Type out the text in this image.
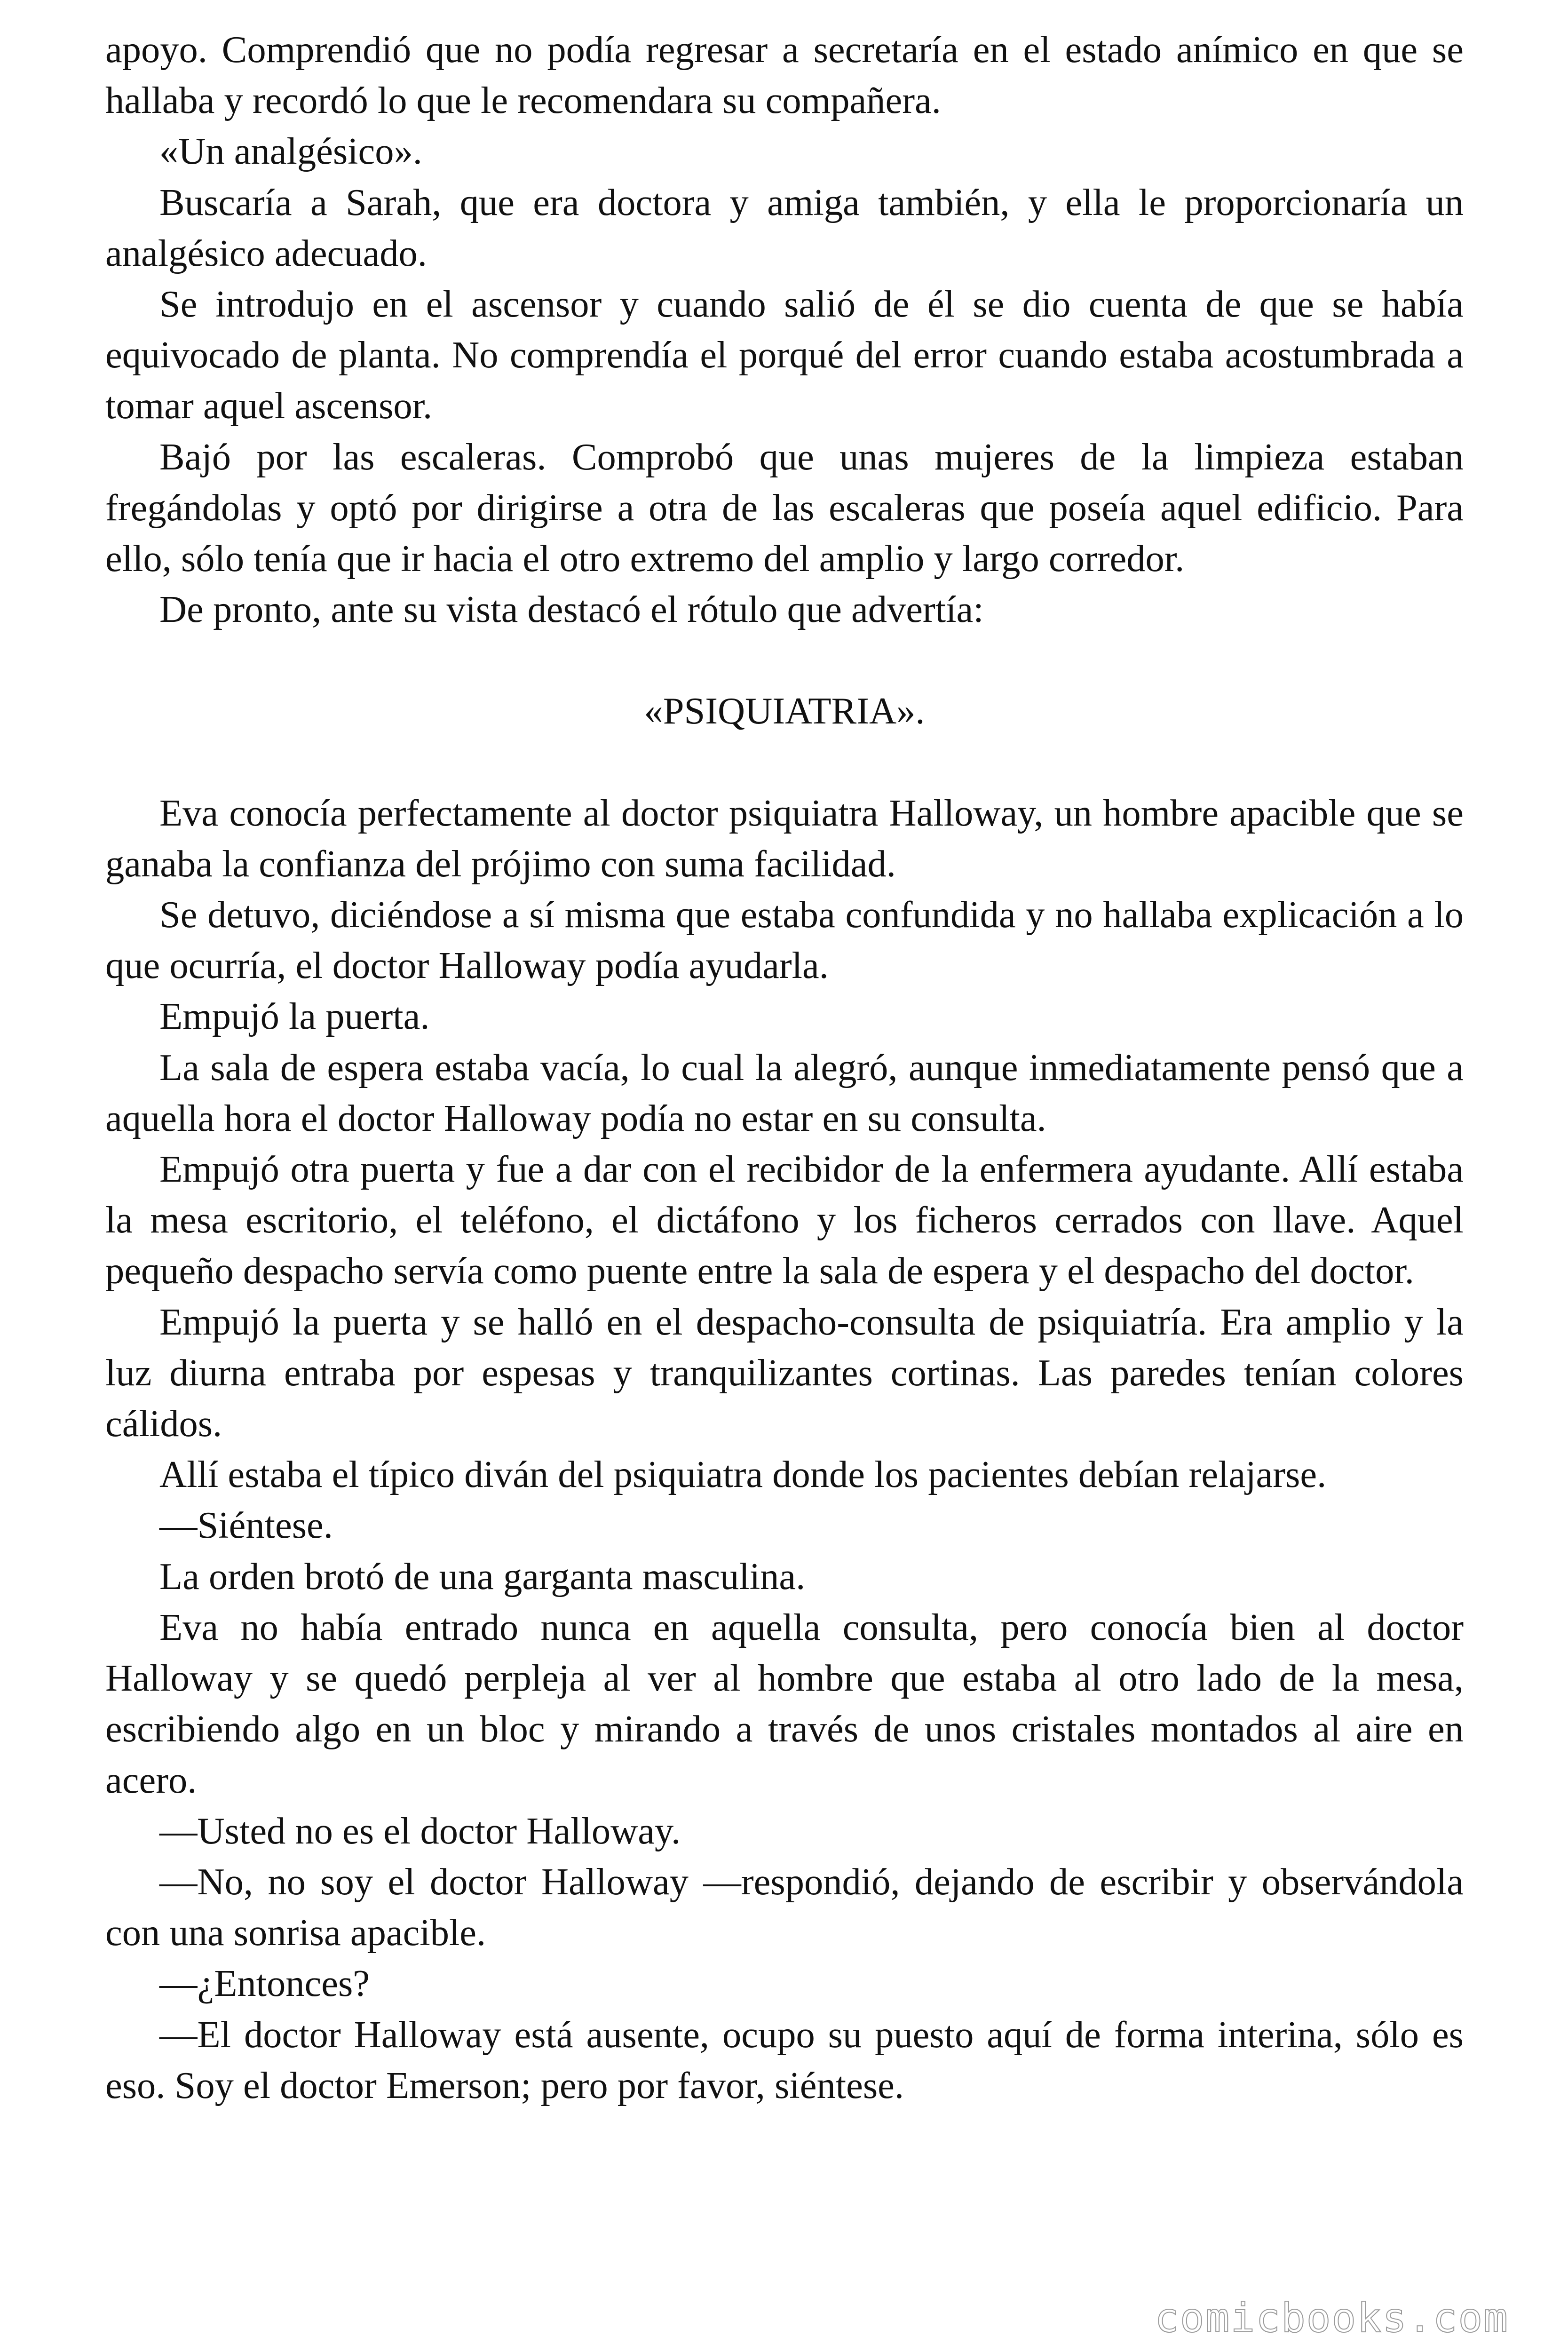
apoyo. Comprendió que no podía regresar a secretaría en el estado anímico en que se hallaba y recordó lo que le recomendara su compañera.

«Un analgésico».

Buscaría a Sarah, que era doctora y amiga también, y ella le proporcionaría un analgésico adecuado.

Se introdujo en el ascensor y cuando salió de él se dio cuenta de que se había equivocado de planta. No comprendía el porqué del error cuando estaba acostumbrada a tomar aquel ascensor.

Bajó por las escaleras. Comprobó que unas mujeres de la limpieza estaban fregándolas y optó por dirigirse a otra de las escaleras que poseía aquel edificio. Para ello, sólo tenía que ir hacia el otro extremo del amplio y largo corredor.

De pronto, ante su vista destacó el rótulo que advertía:

«PSIQUIATRIA».

Eva conocía perfectamente al doctor psiquiatra Halloway, un hombre apacible que se ganaba la confianza del prójimo con suma facilidad.

Se detuvo, diciéndose a sí misma que estaba confundida y no hallaba explicación a lo que ocurría, el doctor Halloway podía ayudarla.

Empujó la puerta.

La sala de espera estaba vacía, lo cual la alegró, aunque inmediatamente pensó que a aquella hora el doctor Halloway podía no estar en su consulta.

Empujó otra puerta y fue a dar con el recibidor de la enfermera ayudante. Allí estaba la mesa escritorio, el teléfono, el dictáfono y los ficheros cerrados con llave. Aquel pequeño despacho servía como puente entre la sala de espera y el despacho del doctor.

Empujó la puerta y se halló en el despacho-consulta de psiquiatría. Era amplio y la luz diurna entraba por espesas y tranquilizantes cortinas. Las paredes tenían colores cálidos.

Allí estaba el típico diván del psiquiatra donde los pacientes debían relajarse.

—Siéntese.

La orden brotó de una garganta masculina.

Eva no había entrado nunca en aquella consulta, pero conocía bien al doctor Halloway y se quedó perpleja al ver al hombre que estaba al otro lado de la mesa, escribiendo algo en un bloc y mirando a través de unos cristales montados al aire en acero.

—Usted no es el doctor Halloway.

—No, no soy el doctor Halloway —respondió, dejando de escribir y observándola con una sonrisa apacible.

—¿Entonces?

—El doctor Halloway está ausente, ocupo su puesto aquí de forma interina, sólo es eso. Soy el doctor Emerson; pero por favor, siéntese.

comicbooks.com
